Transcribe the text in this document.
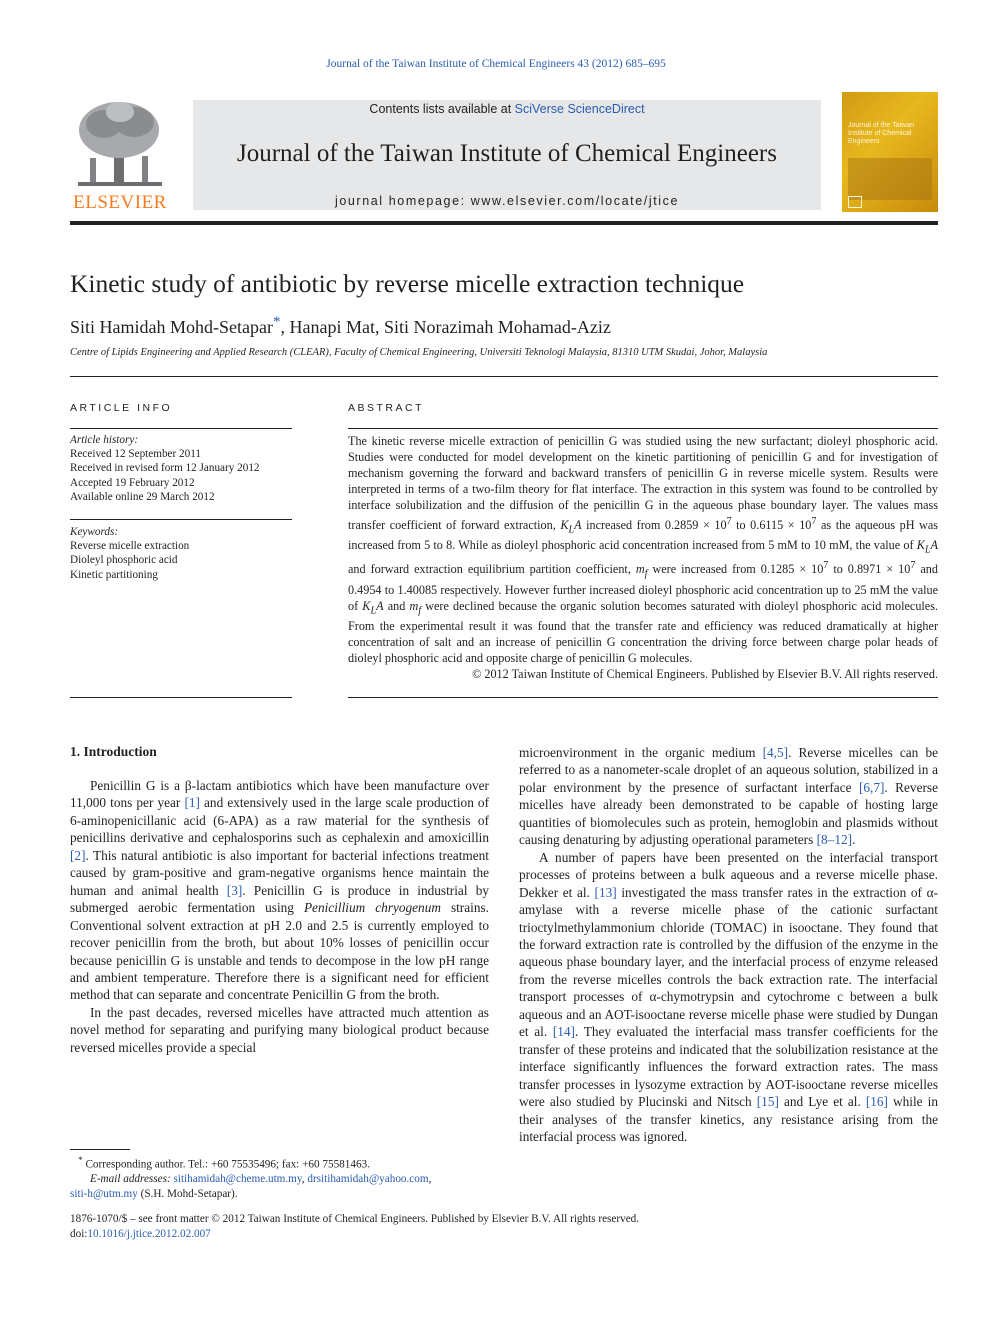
Journal of the Taiwan Institute of Chemical Engineers 43 (2012) 685–695
ELSEVIER
Contents lists available at SciVerse ScienceDirect
Journal of the Taiwan Institute of Chemical Engineers
journal homepage: www.elsevier.com/locate/jtice
Journal of the Taiwan Institute of Chemical Engineers
Kinetic study of antibiotic by reverse micelle extraction technique
Siti Hamidah Mohd-Setapar*, Hanapi Mat, Siti Norazimah Mohamad-Aziz
Centre of Lipids Engineering and Applied Research (CLEAR), Faculty of Chemical Engineering, Universiti Teknologi Malaysia, 81310 UTM Skudai, Johor, Malaysia
ARTICLE INFO
Article history:
Received 12 September 2011
Received in revised form 12 January 2012
Accepted 19 February 2012
Available online 29 March 2012
Keywords:
Reverse micelle extraction
Dioleyl phosphoric acid
Kinetic partitioning
ABSTRACT
The kinetic reverse micelle extraction of penicillin G was studied using the new surfactant; dioleyl phosphoric acid. Studies were conducted for model development on the kinetic partitioning of penicillin G and for investigation of mechanism governing the forward and backward transfers of penicillin G in reverse micelle system. Results were interpreted in terms of a two-film theory for flat interface. The extraction in this system was found to be controlled by interface solubilization and the diffusion of the penicillin G in the aqueous phase boundary layer. The values mass transfer coefficient of forward extraction, $K_LA$ increased from $0.2859 \times 10^7$ to $0.6115 \times 10^7$ as the aqueous pH was increased from 5 to 8. While as dioleyl phosphoric acid concentration increased from 5 mM to 10 mM, the value of $K_LA$ and forward extraction equilibrium partition coefficient, $m_f$ were increased from $0.1285 \times 10^7$ to $0.8971 \times 10^7$ and 0.4954 to 1.40085 respectively. However further increased dioleyl phosphoric acid concentration up to 25 mM the value of $K_LA$ and $m_f$ were declined because the organic solution becomes saturated with dioleyl phosphoric acid molecules. From the experimental result it was found that the transfer rate and efficiency was reduced dramatically at higher concentration of salt and an increase of penicillin G concentration the driving force between charge polar heads of dioleyl phosphoric acid and opposite charge of penicillin G molecules.
© 2012 Taiwan Institute of Chemical Engineers. Published by Elsevier B.V. All rights reserved.
1. Introduction

Penicillin G is a β-lactam antibiotics which have been manufacture over 11,000 tons per year [1] and extensively used in the large scale production of 6-aminopenicillanic acid (6-APA) as a raw material for the synthesis of penicillins derivative and cephalosporins such as cephalexin and amoxicillin [2]. This natural antibiotic is also important for bacterial infections treatment caused by gram-positive and gram-negative organisms hence maintain the human and animal health [3]. Penicillin G is produce in industrial by submerged aerobic fermentation using Penicillium chryogenum strains. Conventional solvent extraction at pH 2.0 and 2.5 is currently employed to recover penicillin from the broth, but about 10% losses of penicillin occur because penicillin G is unstable and tends to decompose in the low pH range and ambient temperature. Therefore there is a significant need for efficient method that can separate and concentrate Penicillin G from the broth.

In the past decades, reversed micelles have attracted much attention as novel method for separating and purifying many biological product because reversed micelles provide a special

microenvironment in the organic medium [4,5]. Reverse micelles can be referred to as a nanometer-scale droplet of an aqueous solution, stabilized in a polar environment by the presence of surfactant interface [6,7]. Reverse micelles have already been demonstrated to be capable of hosting large quantities of biomolecules such as protein, hemoglobin and plasmids without causing denaturing by adjusting operational parameters [8–12].

A number of papers have been presented on the interfacial transport processes of proteins between a bulk aqueous and a reverse micelle phase. Dekker et al. [13] investigated the mass transfer rates in the extraction of α-amylase with a reverse micelle phase of the cationic surfactant trioctylmethylammonium chloride (TOMAC) in isooctane. They found that the forward extraction rate is controlled by the diffusion of the enzyme in the aqueous phase boundary layer, and the interfacial process of enzyme released from the reverse micelles controls the back extraction rate. The interfacial transport processes of α-chymotrypsin and cytochrome c between a bulk aqueous and an AOT-isooctane reverse micelle phase were studied by Dungan et al. [14]. They evaluated the interfacial mass transfer coefficients for the transfer of these proteins and indicated that the solubilization resistance at the interface significantly influences the forward extraction rates. The mass transfer processes in lysozyme extraction by AOT-isooctane reverse micelles were also studied by Plucinski and Nitsch [15] and Lye et al. [16] while in their analyses of the transfer kinetics, any resistance arising from the interfacial process was ignored.

* Corresponding author. Tel.: +60 75535496; fax: +60 75581463.
E-mail addresses: sitihamidah@cheme.utm.my, drsitihamidah@yahoo.com,
siti-h@utm.my (S.H. Mohd-Setapar).
1876-1070/$ – see front matter © 2012 Taiwan Institute of Chemical Engineers. Published by Elsevier B.V. All rights reserved.
doi:10.1016/j.jtice.2012.02.007
